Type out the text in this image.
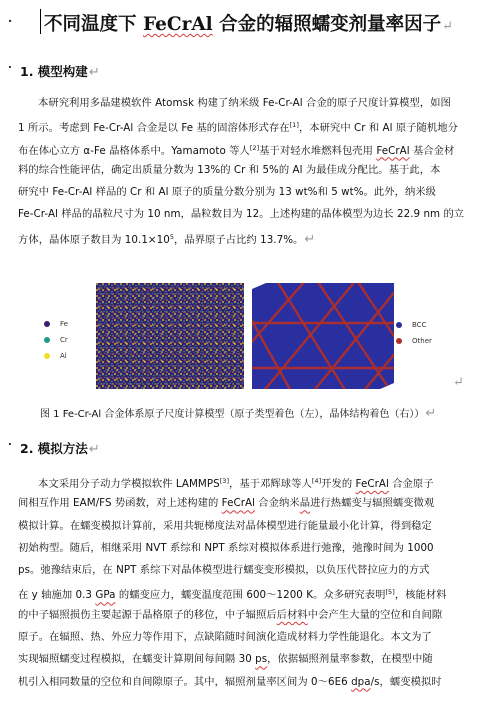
· 不同温度下 FeCrAl 合金的辐照蠕变剂量率因子↵
· 1. 模型构建↵
本研究利用多晶建模软件 Atomsk 构建了纳米级 Fe-Cr-Al 合金的原子尺度计算模型，如图
1 所示。考虑到 Fe-Cr-Al 合金是以 Fe 基的固溶体形式存在[1]，本研究中 Cr 和 Al 原子随机地分
布在体心立方 α-Fe 晶格体系中。Yamamoto 等人[2]基于对轻水堆燃料包壳用 FeCrAl 基合金材
料的综合性能评估，确定出质量分数为 13%的 Cr 和 5%的 Al 为最佳成分配比。基于此，本
研究中 Fe-Cr-Al 样品的 Cr 和 Al 原子的质量分数分别为 13 wt%和 5 wt%。此外，纳米级
Fe-Cr-Al 样品的晶粒尺寸为 10 nm，晶粒数目为 12。上述构建的晶体模型为边长 22.9 nm 的立
方体，晶体原子数目为 $10.1\times 10^5$，晶界原子占比约 13.7%。↵
Fe
Cr
Al
BCC
Other
↵
图 1 Fe-Cr-Al 合金体系原子尺度计算模型（原子类型着色（左），晶体结构着色（右））↵
· 2. 模拟方法↵
本文采用分子动力学模拟软件 LAMMPS[3]，基于邓辉球等人[4]开发的 FeCrAl 合金原子
间相互作用 EAM/FS 势函数，对上述构建的 FeCrAl 合金纳米晶进行热蠕变与辐照蠕变微观
模拟计算。在蠕变模拟计算前，采用共轭梯度法对晶体模型进行能量最小化计算，得到稳定
初始构型。随后，相继采用 NVT 系综和 NPT 系综对模拟体系进行弛豫，弛豫时间为 1000
ps。弛豫结束后，在 NPT 系综下对晶体模型进行蠕变变形模拟，以负压代替拉应力的方式
在 y 轴施加 0.3 GPa 的蠕变应力，蠕变温度范围 600～1200 K。众多研究表明[5]，核能材料
的中子辐照损伤主要起源于晶格原子的移位，中子辐照后后材料中会产生大量的空位和自间隙
原子。在辐照、热、外应力等作用下，点缺陷随时间演化造成材料力学性能退化。本文为了
实现辐照蠕变过程模拟，在蠕变计算期间每间隔 30 ps，依据辐照剂量率参数，在模型中随
机引入相同数量的空位和自间隙原子。其中，辐照剂量率区间为 0～6E6 dpa/s，蠕变模拟时
